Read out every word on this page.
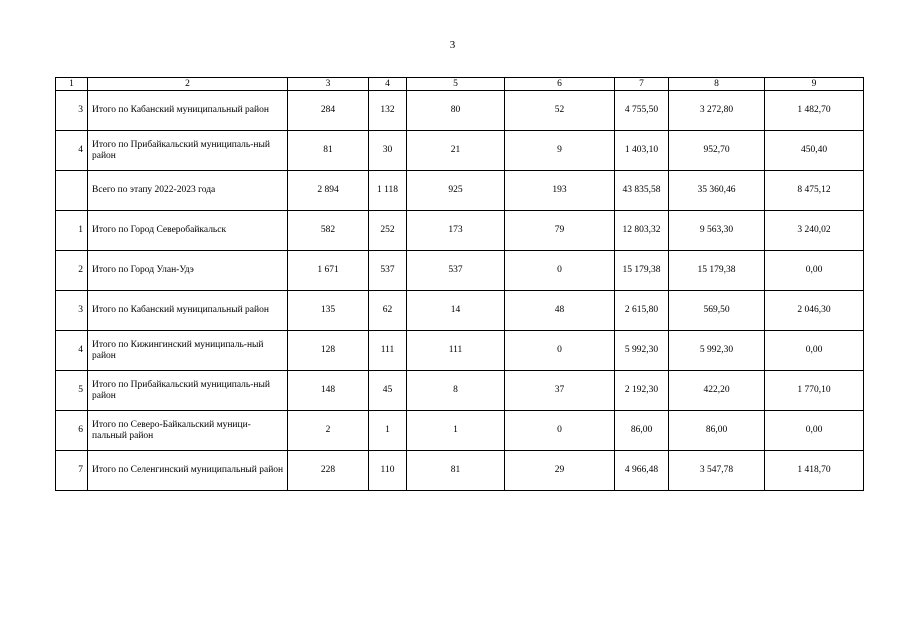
3
1	2	3	4	5	6	7	8	9
3	Итого по Кабанский муниципальный район	284	132	80	52	4 755,50	3 272,80	1 482,70
4	Итого по Прибайкальский муниципаль-ный район	81	30	21	9	1 403,10	952,70	450,40
	Всего по этапу 2022-2023 года	2 894	1 118	925	193	43 835,58	35 360,46	8 475,12
1	Итого по Город Северобайкальск	582	252	173	79	12 803,32	9 563,30	3 240,02
2	Итого по Город Улан-Удэ	1 671	537	537	0	15 179,38	15 179,38	0,00
3	Итого по Кабанский муниципальный район	135	62	14	48	2 615,80	569,50	2 046,30
4	Итого по Кижингинский муниципаль-ный район	128	111	111	0	5 992,30	5 992,30	0,00
5	Итого по Прибайкальский муниципаль-ный район	148	45	8	37	2 192,30	422,20	1 770,10
6	Итого по Северо-Байкальский муници-пальный район	2	1	1	0	86,00	86,00	0,00
7	Итого по Селенгинский муниципальный район	228	110	81	29	4 966,48	3 547,78	1 418,70
